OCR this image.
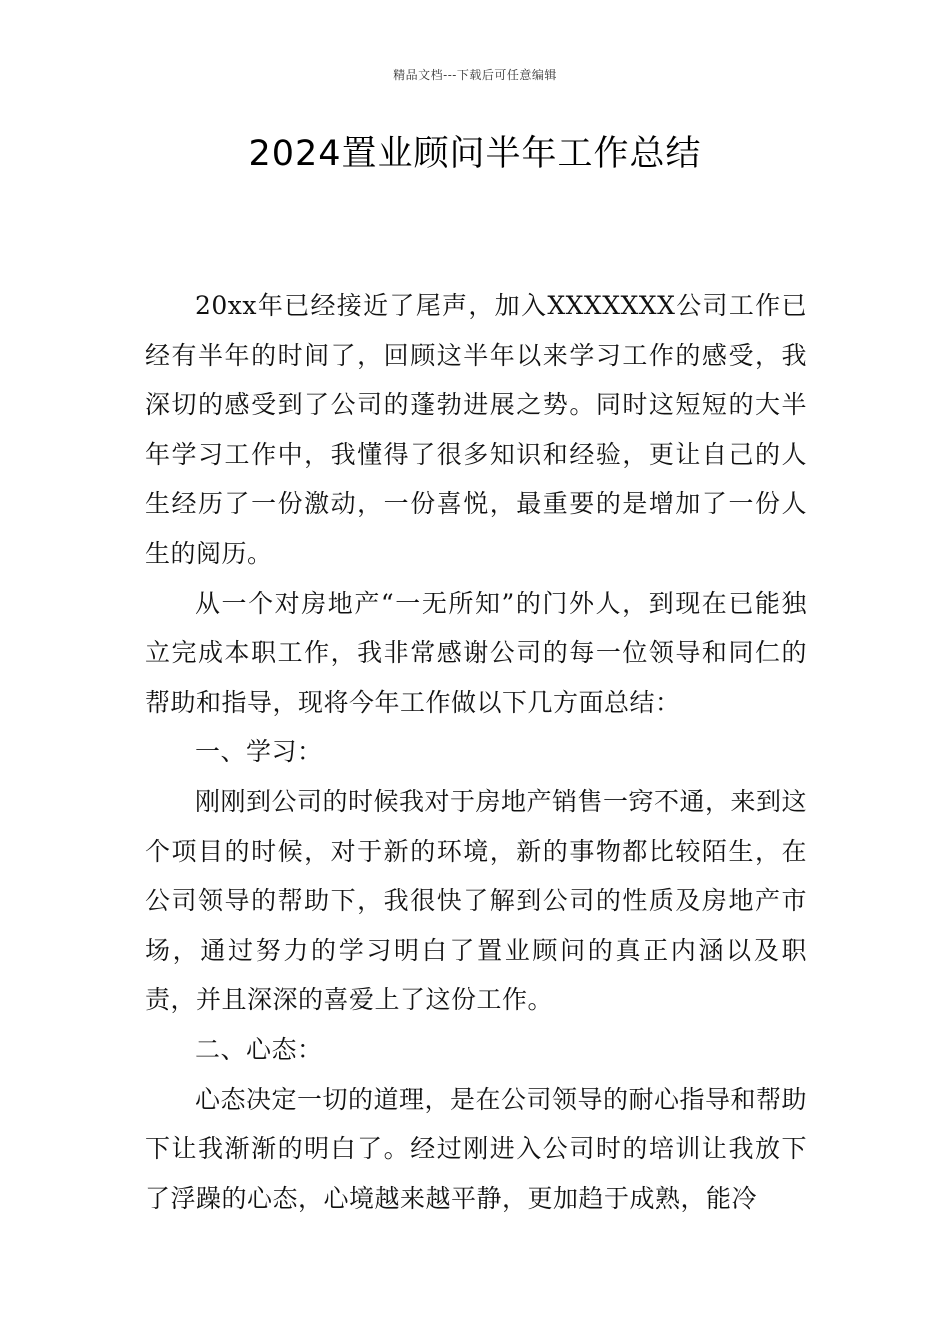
精品文档---下载后可任意编辑
2024置业顾问半年工作总结

20xx年已经接近了尾声，加入XXXXXXX公司工作已经有半年的时间了，回顾这半年以来学习工作的感受，我深切的感受到了公司的蓬勃进展之势。同时这短短的大半年学习工作中，我懂得了很多知识和经验，更让自己的人生经历了一份激动，一份喜悦，最重要的是增加了一份人生的阅历。

从一个对房地产“一无所知”的门外人，到现在已能独立完成本职工作，我非常感谢公司的每一位领导和同仁的帮助和指导，现将今年工作做以下几方面总结：

一、学习：

刚刚到公司的时候我对于房地产销售一窍不通，来到这个项目的时候，对于新的环境，新的事物都比较陌生，在公司领导的帮助下，我很快了解到公司的性质及房地产市场，通过努力的学习明白了置业顾问的真正内涵以及职责，并且深深的喜爱上了这份工作。

二、心态：

心态决定一切的道理，是在公司领导的耐心指导和帮助下让我渐渐的明白了。经过刚进入公司时的培训让我放下了浮躁的心态，心境越来越平静，更加趋于成熟，能冷
